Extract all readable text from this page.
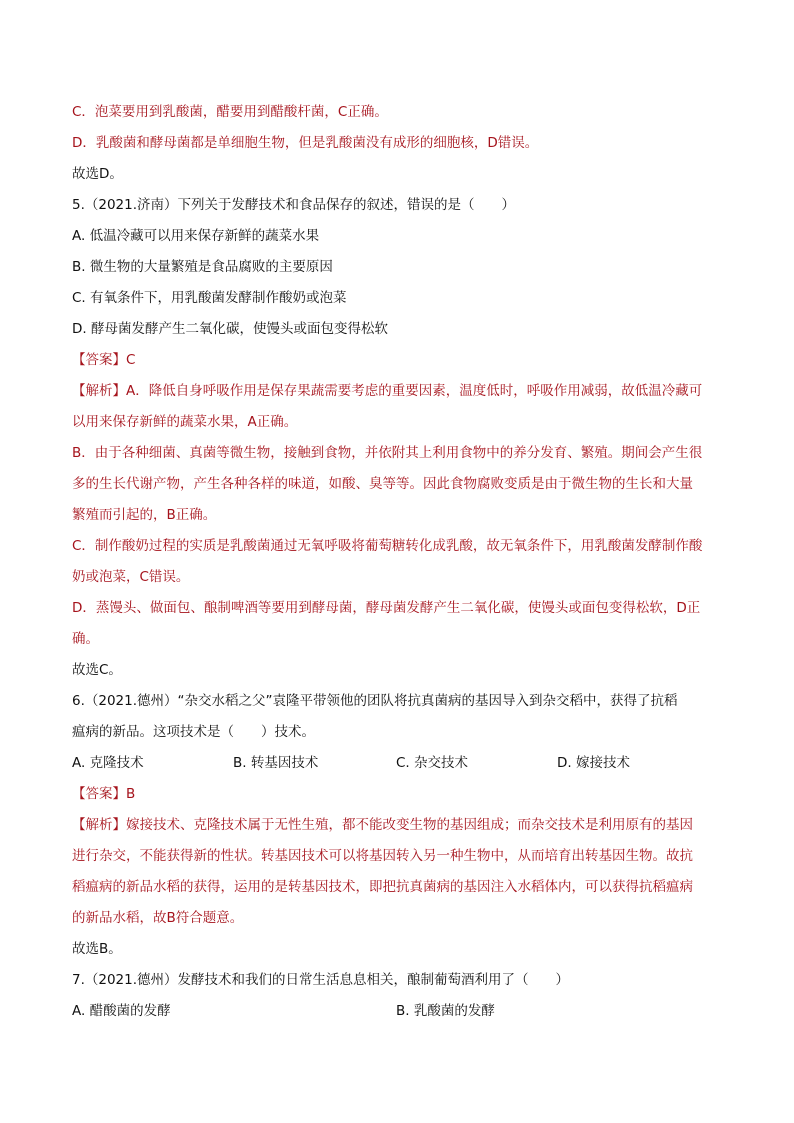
C．泡菜要用到乳酸菌，醋要用到醋酸杆菌，C正确。
D．乳酸菌和酵母菌都是单细胞生物，但是乳酸菌没有成形的细胞核，D错误。
故选D。
5.（2021.济南）下列关于发酵技术和食品保存的叙述，错误的是（　　）
A. 低温冷藏可以用来保存新鲜的蔬菜水果
B. 微生物的大量繁殖是食品腐败的主要原因
C. 有氧条件下，用乳酸菌发酵制作酸奶或泡菜
D. 酵母菌发酵产生二氧化碳，使馒头或面包变得松软
【答案】C
【解析】A．降低自身呼吸作用是保存果蔬需要考虑的重要因素，温度低时，呼吸作用减弱，故低温冷藏可
以用来保存新鲜的蔬菜水果，A正确。
B．由于各种细菌、真菌等微生物，接触到食物，并依附其上利用食物中的养分发育、繁殖。期间会产生很
多的生长代谢产物，产生各种各样的味道，如酸、臭等等。因此食物腐败变质是由于微生物的生长和大量
繁殖而引起的，B正确。
C．制作酸奶过程的实质是乳酸菌通过无氧呼吸将葡萄糖转化成乳酸，故无氧条件下，用乳酸菌发酵制作酸
奶或泡菜，C错误。
D．蒸馒头、做面包、酿制啤酒等要用到酵母菌，酵母菌发酵产生二氧化碳，使馒头或面包变得松软，D正
确。
故选C。
6.（2021.德州）“杂交水稻之父”袁隆平带领他的团队将抗真菌病的基因导入到杂交稻中，获得了抗稻
瘟病的新品。这项技术是（　　）技术。
A. 克隆技术	B. 转基因技术	C. 杂交技术	D. 嫁接技术
【答案】B
【解析】嫁接技术、克隆技术属于无性生殖，都不能改变生物的基因组成；而杂交技术是利用原有的基因
进行杂交，不能获得新的性状。转基因技术可以将基因转入另一种生物中，从而培育出转基因生物。故抗
稻瘟病的新品水稻的获得，运用的是转基因技术，即把抗真菌病的基因注入水稻体内，可以获得抗稻瘟病
的新品水稻，故B符合题意。
故选B。
7.（2021.德州）发酵技术和我们的日常生活息息相关，酿制葡萄酒利用了（　　）
A. 醋酸菌的发酵	B. 乳酸菌的发酵
